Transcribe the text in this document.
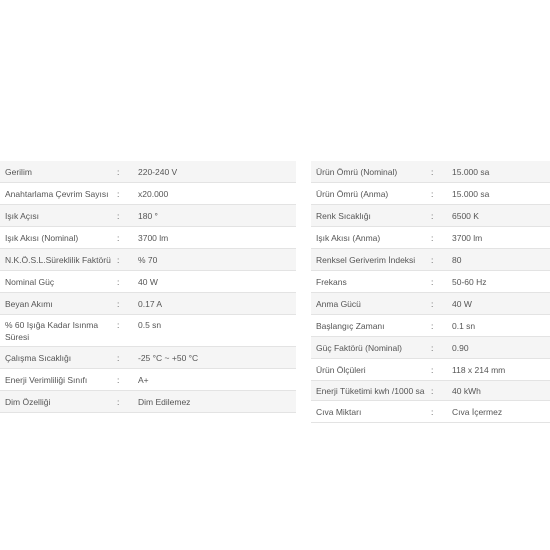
Gerilim	:	220-240 V
Anahtarlama Çevrim Sayısı	:	x20.000
Işık Açısı	:	180 °
Işık Akısı (Nominal)	:	3700 lm
N.K.Ö.S.L.Süreklilik Faktörü	:	% 70
Nominal Güç	:	40 W
Beyan Akımı	:	0.17 A
% 60 Işığa Kadar Isınma Süresi	:	0.5 sn
Çalışma Sıcaklığı	:	-25 °C ~ +50 °C
Enerji Verimliliği Sınıfı	:	A+
Dim Özelliği	:	Dim Edilemez
Ürün Ömrü (Nominal)	:	15.000 sa
Ürün Ömrü (Anma)	:	15.000 sa
Renk Sıcaklığı	:	6500 K
Işık Akısı (Anma)	:	3700 lm
Renksel Geriverim İndeksi	:	80
Frekans	:	50-60 Hz
Anma Gücü	:	40 W
Başlangıç Zamanı	:	0.1 sn
Güç Faktörü (Nominal)	:	0.90
Ürün Ölçüleri	:	118 x 214 mm
Enerji Tüketimi kwh /1000 sa	:	40 kWh
Cıva Miktarı	:	Cıva İçermez
